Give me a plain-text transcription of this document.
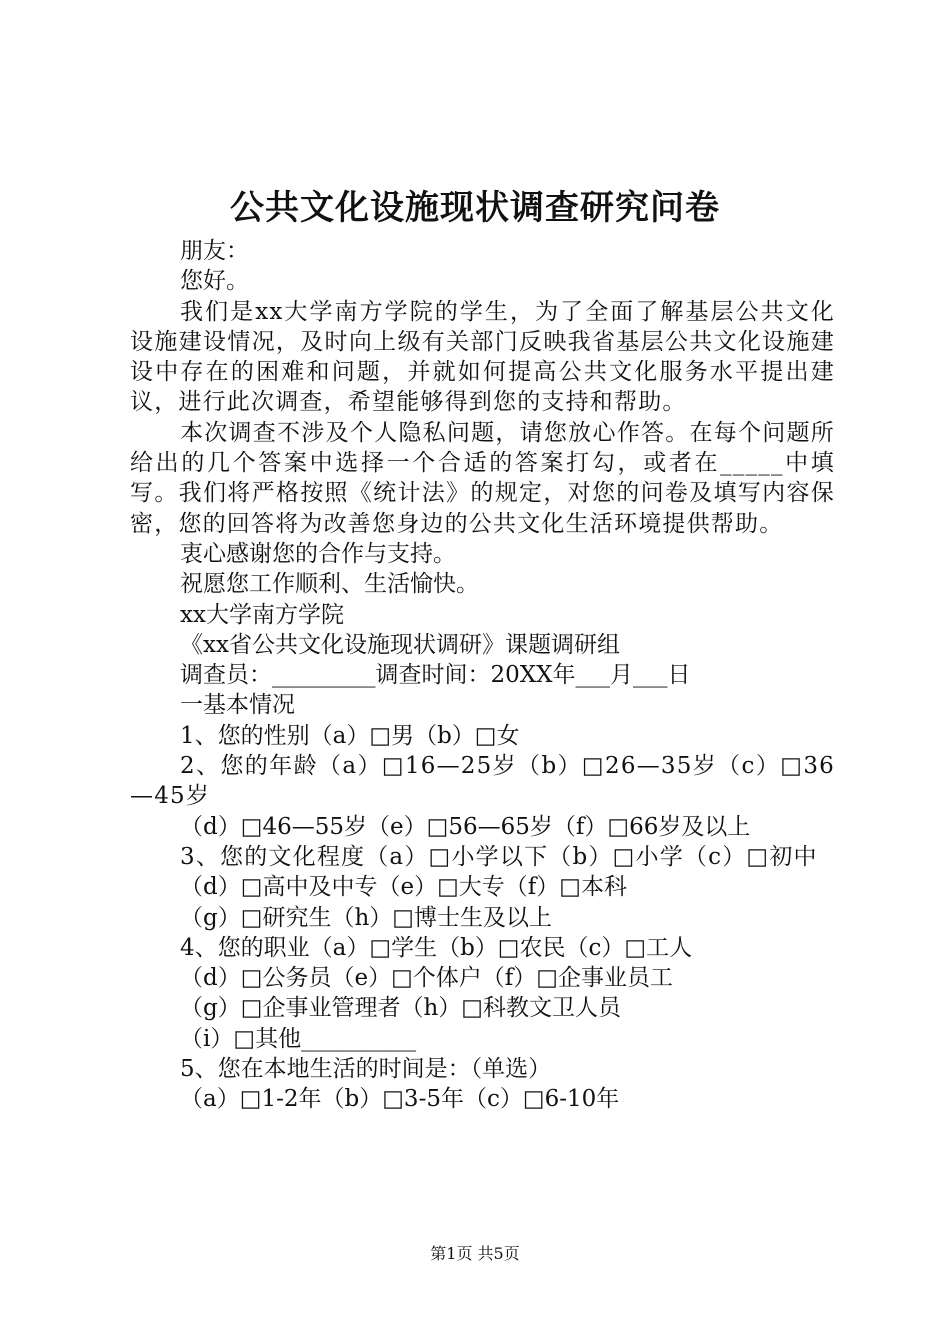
公共文化设施现状调查研究问卷

朋友：

您好。

我们是xx大学南方学院的学生，为了全面了解基层公共文化设施建设情况，及时向上级有关部门反映我省基层公共文化设施建设中存在的困难和问题，并就如何提高公共文化服务水平提出建议，进行此次调查，希望能够得到您的支持和帮助。

本次调查不涉及个人隐私问题，请您放心作答。在每个问题所给出的几个答案中选择一个合适的答案打勾，或者在_____中填写。我们将严格按照《统计法》的规定，对您的问卷及填写内容保密，您的回答将为改善您身边的公共文化生活环境提供帮助。

衷心感谢您的合作与支持。

祝愿您工作顺利、生活愉快。

xx大学南方学院

《xx省公共文化设施现状调研》课题调研组

调查员：_________调查时间：20XX年___月___日

一基本情况

1、您的性别（a）□男（b）□女

2、您的年龄（a）□16—25岁（b）□26—35岁（c）□36—45岁

（d）□46—55岁（e）□56—65岁（f）□66岁及以上

3、您的文化程度（a）□小学以下（b）□小学（c）□初中

（d）□高中及中专（e）□大专（f）□本科

（g）□研究生（h）□博士生及以上

4、您的职业（a）□学生（b）□农民（c）□工人

（d）□公务员（e）□个体户（f）□企事业员工

（g）□企事业管理者（h）□科教文卫人员

（i）□其他__________

5、您在本地生活的时间是：（单选）

（a）□1-2年（b）□3-5年（c）□6-10年

第1页 共5页
